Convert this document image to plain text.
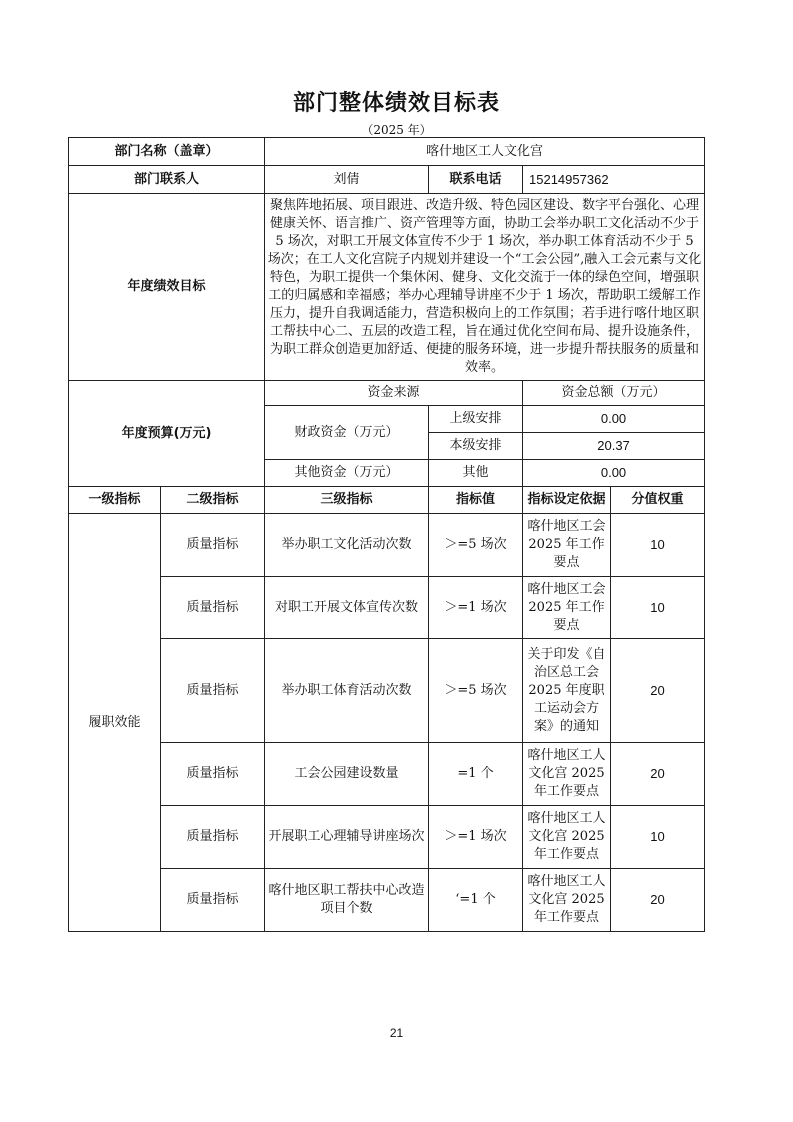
部门整体绩效目标表
（2025 年）
部门名称（盖章）		喀什地区工人文化宫			
部门联系人		刘倩	联系电话	15214957362	
年度绩效目标		聚焦阵地拓展、项目跟进、改造升级、特色园区建设、数字平台强化、心理健康关怀、语言推广、资产管理等方面，协助工会举办职工文化活动不少于 5 场次，对职工开展文体宣传不少于 1 场次，举办职工体育活动不少于 5 场次；在工人文化宫院子内规划并建设一个“工会公园”,融入工会元素与文化特色，为职工提供一个集休闲、健身、文化交流于一体的绿色空间，增强职工的归属感和幸福感；举办心理辅导讲座不少于 1 场次，帮助职工缓解工作压力，提升自我调适能力，营造积极向上的工作氛围；若手进行喀什地区职工帮扶中心二、五层的改造工程，旨在通过优化空间布局、提升设施条件，为职工群众创造更加舒适、便捷的服务环境，进一步提升帮扶服务的质量和效率。			
年度预算(万元)		资金来源		资金总额（万元）	
		财政资金（万元）	上级安排	0.00	
			本级安排	20.37	
		其他资金（万元）	其他	0.00	
一级指标	二级指标	三级指标	指标值	指标设定依据	分值权重
履职效能	质量指标	举办职工文化活动次数	＞=5 场次	喀什地区工会 2025 年工作要点	10
	质量指标	对职工开展文体宣传次数	＞=1 场次	喀什地区工会 2025 年工作要点	10
	质量指标	举办职工体育活动次数	＞=5 场次	关于印发《自治区总工会 2025 年度职工运动会方案》的通知	20
	质量指标	工会公园建设数量	=1 个	喀什地区工人文化宫 2025 年工作要点	20
	质量指标	开展职工心理辅导讲座场次	＞=1 场次	喀什地区工人文化宫 2025 年工作要点	10
	质量指标	喀什地区职工帮扶中心改造项目个数	‘=1 个	喀什地区工人文化宫 2025 年工作要点	20
21
